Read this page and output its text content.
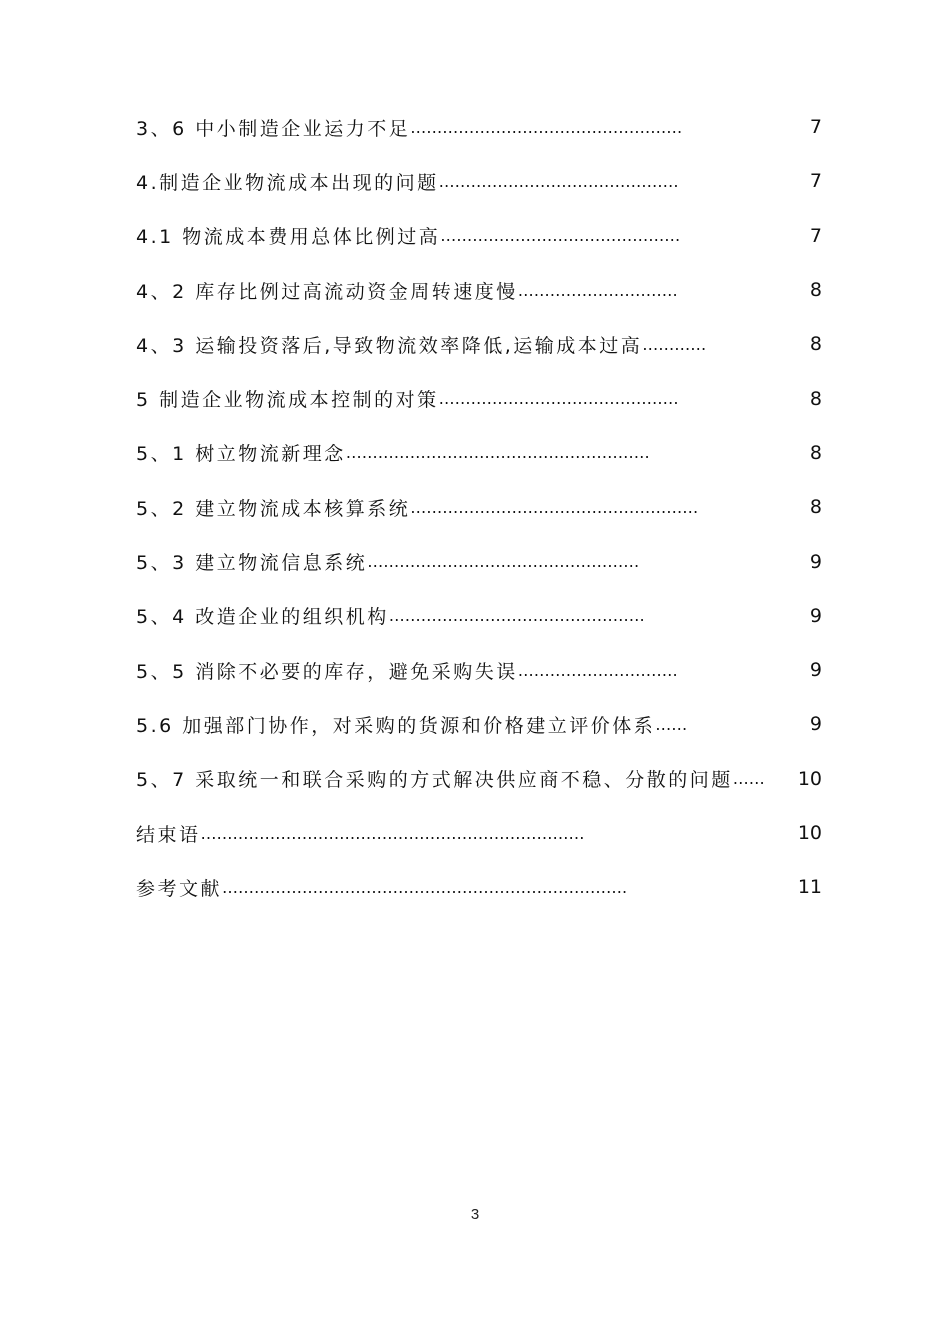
3、6 中小制造企业运力不足 ……………………………………………	7
4.制造企业物流成本出现的问题 ………………………………………	7
4.1 物流成本费用总体比例过高 ………………………………………	7
4、2 库存比例过高流动资金周转速度慢 …………………………	8
4、3 运输投资落后,导致物流效率降低,运输成本过高 …………	8
5 制造企业物流成本控制的对策 ………………………………………	8
5、1 树立物流新理念 …………………………………………………	8
5、2 建立物流成本核算系统 ………………………………………………	8
5、3 建立物流信息系统 ……………………………………………	9
5、4 改造企业的组织机构 …………………………………………	9
5、5 消除不必要的库存，避免采购失误 …………………………	9
5.6 加强部门协作，对采购的货源和价格建立评价体系 ……	9
5、7 采取统一和联合采购的方式解决供应商不稳、分散的问题 …… 10
结束语 ………………………………………………………………	10
参考文献 ………………………………………………………………….	11
3
